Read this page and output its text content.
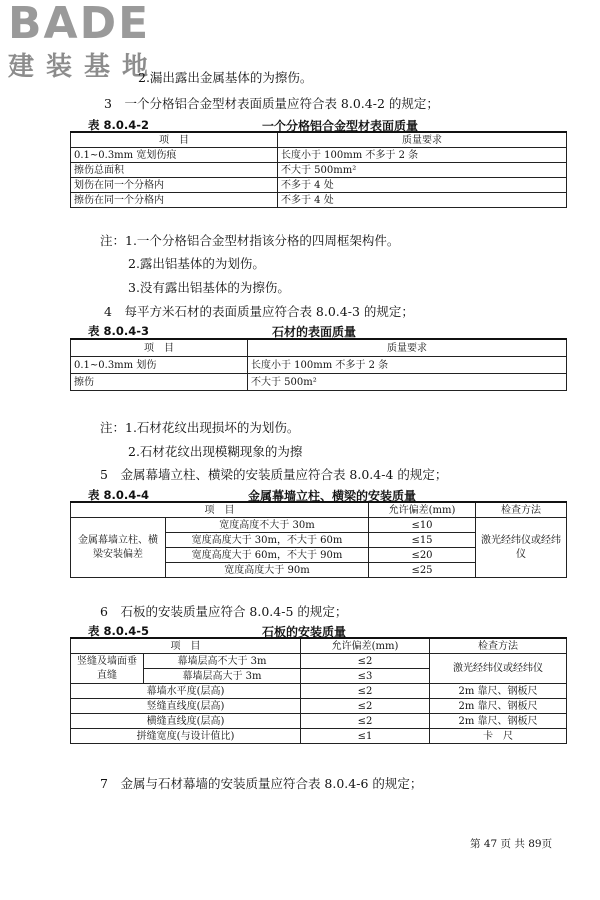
BADE
建装基地
2.漏出露出金属基体的为擦伤。
3　一个分格铝合金型材表面质量应符合表 8.0.4-2 的规定；
表 8.0.4-2	一个分格铝合金型材表面质量
项　目	质量要求
0.1~0.3mm 宽划伤痕	长度小于 100mm 不多于 2 条
擦伤总面积	不大于 500mm²
划伤在同一个分格内	不多于 4 处
擦伤在同一个分格内	不多于 4 处
注：1.一个分格铝合金型材指该分格的四周框架构件。
2.露出铝基体的为划伤。
3.没有露出铝基体的为擦伤。
4　每平方米石材的表面质量应符合表 8.0.4-3 的规定；
表 8.0.4-3	石材的表面质量
项　目	质量要求
0.1~0.3mm 划伤	长度小于 100mm 不多于 2 条
擦伤	不大于 500m²
注：1.石材花纹出现损坏的为划伤。
2.石材花纹出现模糊现象的为擦
5　金属幕墙立柱、横梁的安装质量应符合表 8.0.4-4 的规定；
表 8.0.4-4	金属幕墙立柱、横梁的安装质量
项　目		允许偏差(mm)	检查方法
金属幕墙立柱、横梁安装偏差	宽度高度不大于 30m	≤10	激光经纬仪或经纬仪
	宽度高度大于 30m，不大于 60m	≤15	
	宽度高度大于 60m，不大于 90m	≤20	
	宽度高度大于 90m	≤25	
6　石板的安装质量应符合 8.0.4-5 的规定；
表 8.0.4-5	石板的安装质量
项　目		允许偏差(mm)	检查方法
竖缝及墙面垂直缝	幕墙层高不大于 3m	≤2	激光经纬仪或经纬仪
	幕墙层高大于 3m	≤3	
幕墙水平度(层高)		≤2	2m 靠尺、钢板尺
竖缝直线度(层高)		≤2	2m 靠尺、钢板尺
横缝直线度(层高)		≤2	2m 靠尺、钢板尺
拼缝宽度(与设计值比)		≤1	卡　尺
7　金属与石材幕墙的安装质量应符合表 8.0.4-6 的规定；
第 47 页 共 89页
